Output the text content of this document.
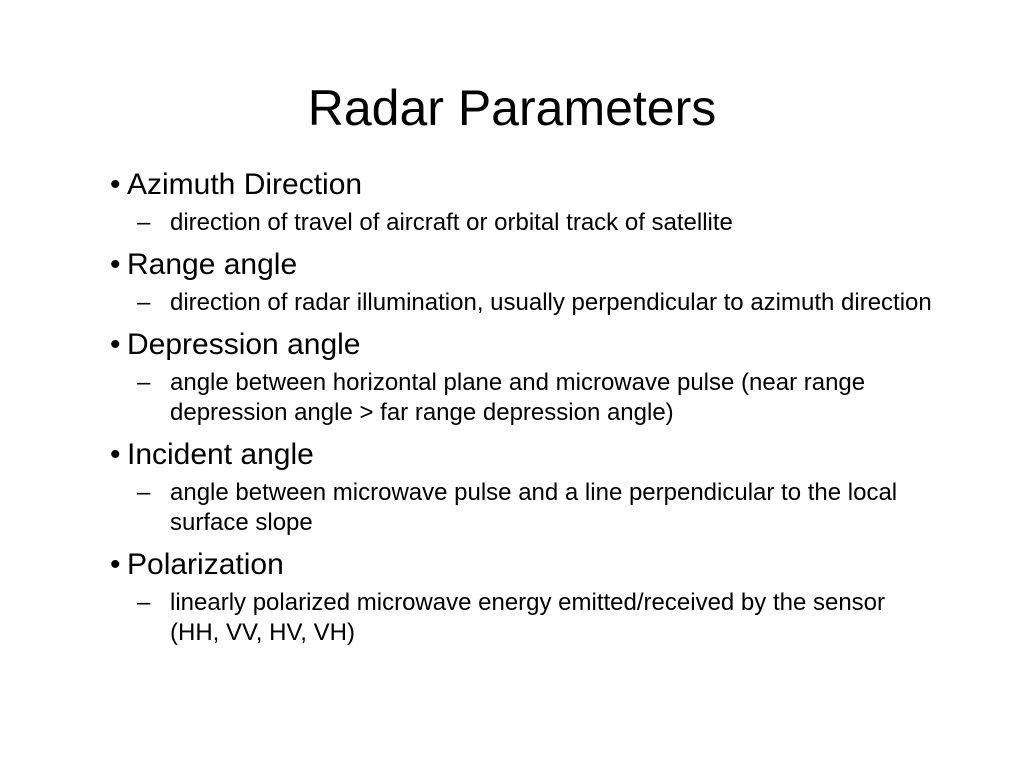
Radar Parameters
• Azimuth Direction
– direction of travel of aircraft or orbital track of satellite
• Range angle
– direction of radar illumination, usually perpendicular to azimuth direction
• Depression angle
– angle between horizontal plane and microwave pulse (near range depression angle > far range depression angle)
• Incident angle
– angle between microwave pulse and a line perpendicular to the local surface slope
• Polarization
– linearly polarized microwave energy emitted/received by the sensor (HH, VV, HV, VH)
